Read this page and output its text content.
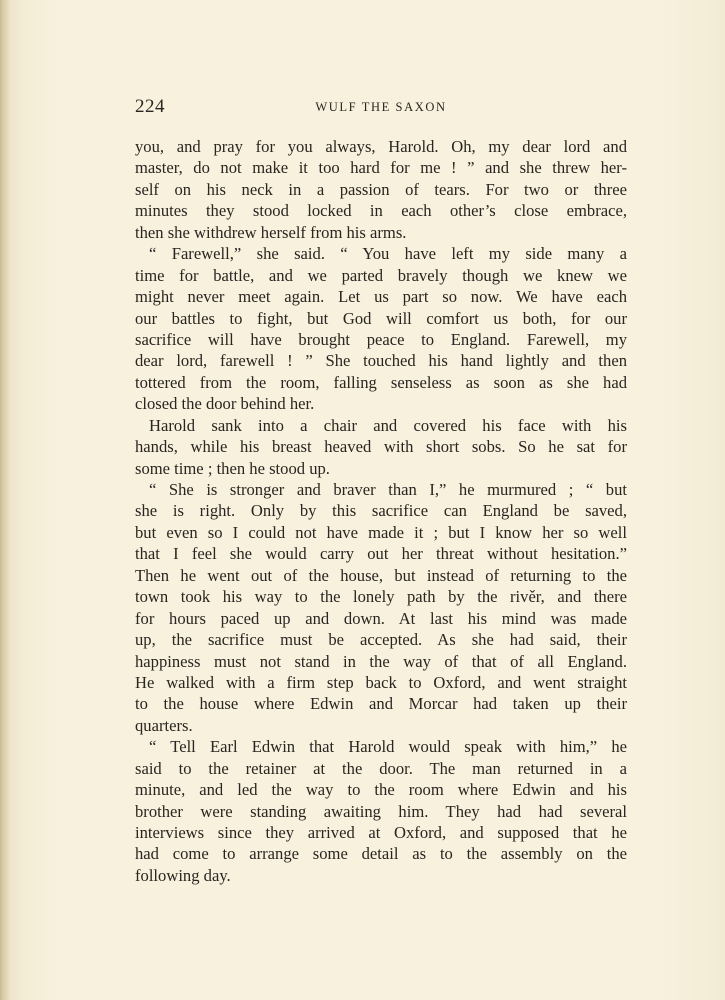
224	WULF THE SAXON
you, and pray for you always, Harold. Oh, my dear lord and
master, do not make it too hard for me ! ” and she threw her-
self on his neck in a passion of tears. For two or three
minutes they stood locked in each other’s close embrace,
then she withdrew herself from his arms.
“ Farewell,” she said. “ You have left my side many a
time for battle, and we parted bravely though we knew we
might never meet again. Let us part so now. We have each
our battles to fight, but God will comfort us both, for our
sacrifice will have brought peace to England. Farewell, my
dear lord, farewell ! ” She touched his hand lightly and then
tottered from the room, falling senseless as soon as she had
closed the door behind her.
Harold sank into a chair and covered his face with his
hands, while his breast heaved with short sobs. So he sat for
some time ; then he stood up.
“ She is stronger and braver than I,” he murmured ; “ but
she is right. Only by this sacrifice can England be saved,
but even so I could not have made it ; but I know her so well
that I feel she would carry out her threat without hesitation.”
Then he went out of the house, but instead of returning to the
town took his way to the lonely path by the rivěr, and there
for hours paced up and down. At last his mind was made
up, the sacrifice must be accepted. As she had said, their
happiness must not stand in the way of that of all England.
He walked with a firm step back to Oxford, and went straight
to the house where Edwin and Morcar had taken up their
quarters.
“ Tell Earl Edwin that Harold would speak with him,” he
said to the retainer at the door. The man returned in a
minute, and led the way to the room where Edwin and his
brother were standing awaiting him. They had had several
interviews since they arrived at Oxford, and supposed that he
had come to arrange some detail as to the assembly on the
following day.
